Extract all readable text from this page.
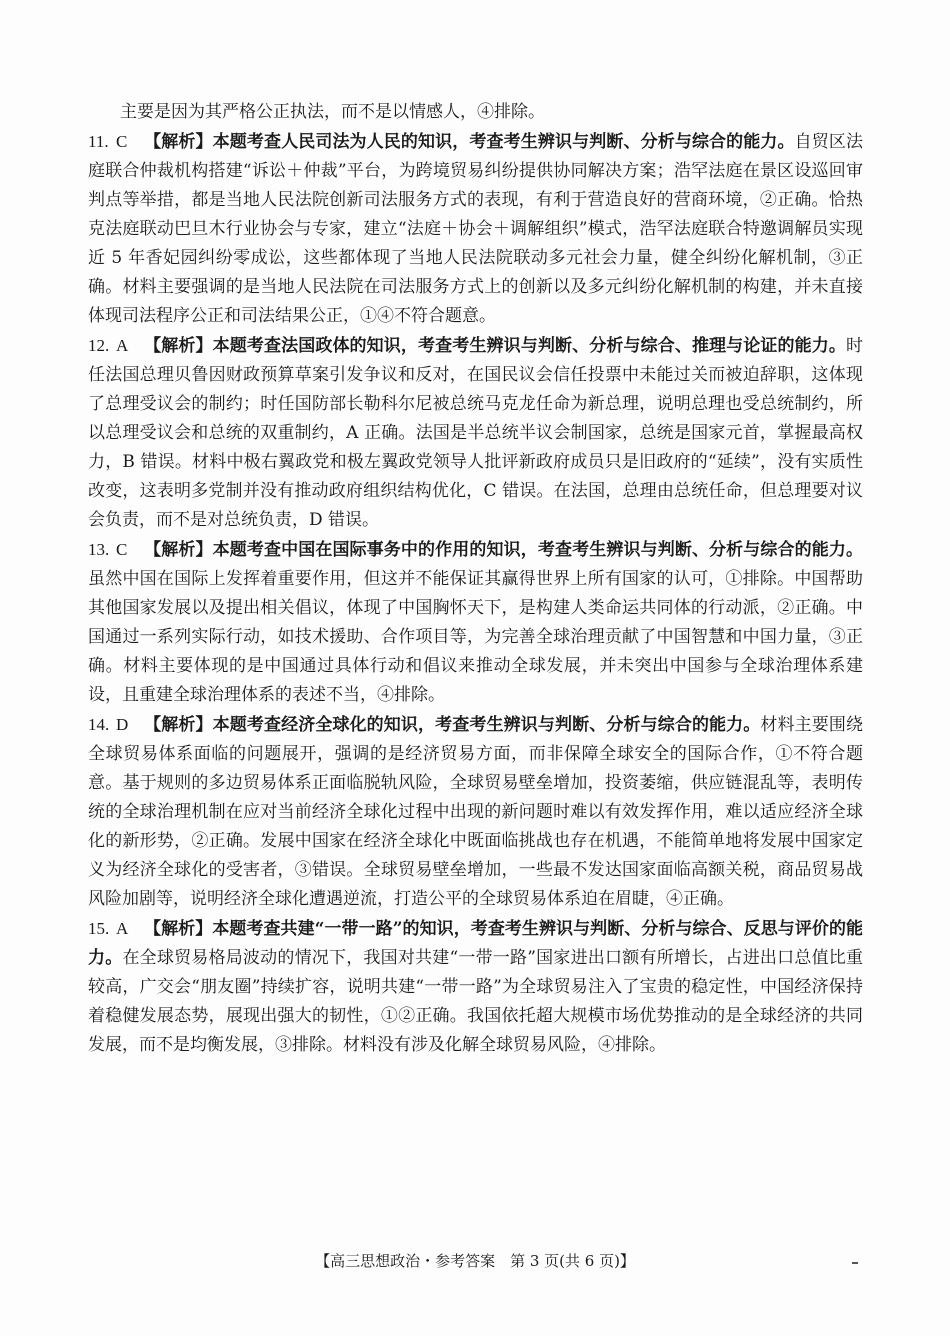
主要是因为其严格公正执法，而不是以情感人，④排除。

11. C 【解析】本题考查人民司法为人民的知识，考查考生辨识与判断、分析与综合的能力。自贸区法庭联合仲裁机构搭建“诉讼＋仲裁”平台，为跨境贸易纠纷提供协同解决方案；浩罕法庭在景区设巡回审判点等举措，都是当地人民法院创新司法服务方式的表现，有利于营造良好的营商环境，②正确。恰热克法庭联动巴旦木行业协会与专家，建立“法庭＋协会＋调解组织”模式，浩罕法庭联合特邀调解员实现近 5 年香妃园纠纷零成讼，这些都体现了当地人民法院联动多元社会力量，健全纠纷化解机制，③正确。材料主要强调的是当地人民法院在司法服务方式上的创新以及多元纠纷化解机制的构建，并未直接体现司法程序公正和司法结果公正，①④不符合题意。

12. A 【解析】本题考查法国政体的知识，考查考生辨识与判断、分析与综合、推理与论证的能力。时任法国总理贝鲁因财政预算草案引发争议和反对，在国民议会信任投票中未能过关而被迫辞职，这体现了总理受议会的制约；时任国防部长勒科尔尼被总统马克龙任命为新总理，说明总理也受总统制约，所以总理受议会和总统的双重制约，A 正确。法国是半总统半议会制国家，总统是国家元首，掌握最高权力，B 错误。材料中极右翼政党和极左翼政党领导人批评新政府成员只是旧政府的“延续”，没有实质性改变，这表明多党制并没有推动政府组织结构优化，C 错误。在法国，总理由总统任命，但总理要对议会负责，而不是对总统负责，D 错误。

13. C 【解析】本题考查中国在国际事务中的作用的知识，考查考生辨识与判断、分析与综合的能力。虽然中国在国际上发挥着重要作用，但这并不能保证其赢得世界上所有国家的认可，①排除。中国帮助其他国家发展以及提出相关倡议，体现了中国胸怀天下，是构建人类命运共同体的行动派，②正确。中国通过一系列实际行动，如技术援助、合作项目等，为完善全球治理贡献了中国智慧和中国力量，③正确。材料主要体现的是中国通过具体行动和倡议来推动全球发展，并未突出中国参与全球治理体系建设，且重建全球治理体系的表述不当，④排除。

14. D 【解析】本题考查经济全球化的知识，考查考生辨识与判断、分析与综合的能力。材料主要围绕全球贸易体系面临的问题展开，强调的是经济贸易方面，而非保障全球安全的国际合作，①不符合题意。基于规则的多边贸易体系正面临脱轨风险，全球贸易壁垒增加，投资萎缩，供应链混乱等，表明传统的全球治理机制在应对当前经济全球化过程中出现的新问题时难以有效发挥作用，难以适应经济全球化的新形势，②正确。发展中国家在经济全球化中既面临挑战也存在机遇，不能简单地将发展中国家定义为经济全球化的受害者，③错误。全球贸易壁垒增加，一些最不发达国家面临高额关税，商品贸易战风险加剧等，说明经济全球化遭遇逆流，打造公平的全球贸易体系迫在眉睫，④正确。

15. A 【解析】本题考查共建“一带一路”的知识，考查考生辨识与判断、分析与综合、反思与评价的能力。在全球贸易格局波动的情况下，我国对共建“一带一路”国家进出口额有所增长，占进出口总值比重较高，广交会“朋友圈”持续扩容，说明共建“一带一路”为全球贸易注入了宝贵的稳定性，中国经济保持着稳健发展态势，展现出强大的韧性，①②正确。我国依托超大规模市场优势推动的是全球经济的共同发展，而不是均衡发展，③排除。材料没有涉及化解全球贸易风险，④排除。

【高三思想政治・参考答案　第 3 页(共 6 页)】
